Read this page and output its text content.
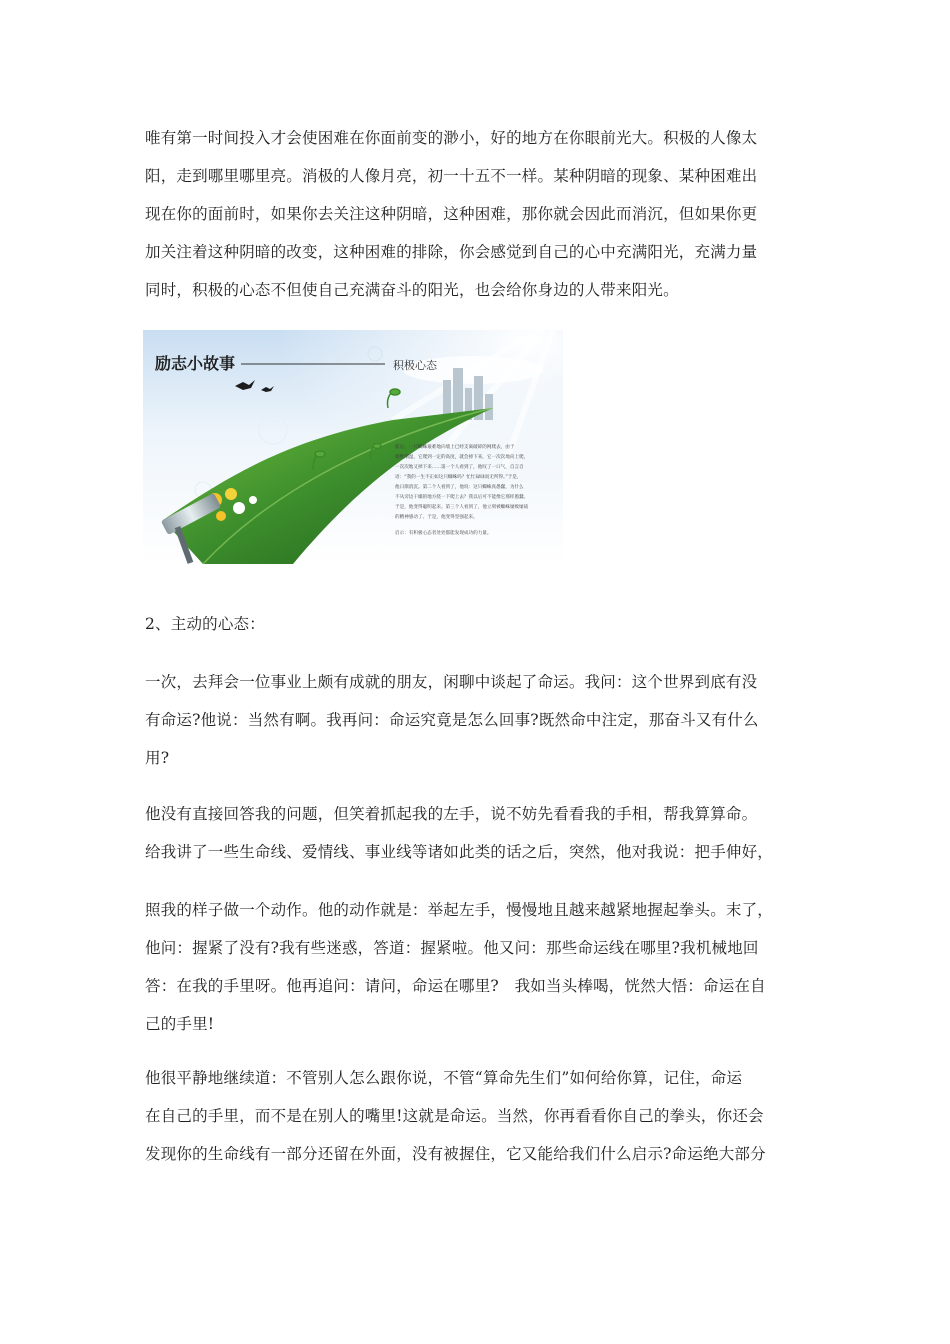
唯有第一时间投入才会使困难在你面前变的渺小，好的地方在你眼前光大。积极的人像太
阳，走到哪里哪里亮。消极的人像月亮，初一十五不一样。某种阴暗的现象、某种困难出
现在你的面前时，如果你去关注这种阴暗，这种困难，那你就会因此而消沉，但如果你更
加关注着这种阴暗的改变，这种困难的排除，你会感觉到自己的心中充满阳光，充满力量
同时，积极的心态不但使自己充满奋斗的阳光，也会给你身边的人带来阳光。
励志小故事	积极心态
前后。一只蜘蛛艰难地向墙上已经支离破碎的网爬去，由于
墙壁潮湿，它爬到一定的高度，就会掉下来，它一次次地向上爬，
一次次地又掉下来……第一个人看到了，他叹了一口气，自言自
语：“我的一生不正如这只蜘蛛吗？忙忙碌碌而无所得。”于是，
他日渐消沉。第二个人看到了，他说：这只蜘蛛真愚蠢，为什么
不从旁边干燥的地方绕一下爬上去？我以后可不能像它那样愚蠢。
于是，他变得聪明起来。第三个人看到了，他立刻被蜘蛛屡败屡战
的精神感动了。于是，他变得坚强起来。
启示：有积极心态者处处都能发现成功的力量。
2、主动的心态：
一次，去拜会一位事业上颇有成就的朋友，闲聊中谈起了命运。我问：这个世界到底有没
有命运?他说：当然有啊。我再问：命运究竟是怎么回事?既然命中注定，那奋斗又有什么
用?
他没有直接回答我的问题，但笑着抓起我的左手，说不妨先看看我的手相，帮我算算命。
给我讲了一些生命线、爱情线、事业线等诸如此类的话之后，突然，他对我说：把手伸好，
照我的样子做一个动作。他的动作就是：举起左手，慢慢地且越来越紧地握起拳头。末了，
他问：握紧了没有?我有些迷惑，答道：握紧啦。他又问：那些命运线在哪里?我机械地回
答：在我的手里呀。他再追问：请问，命运在哪里?　我如当头棒喝，恍然大悟：命运在自
己的手里!
他很平静地继续道：不管别人怎么跟你说，不管“算命先生们”如何给你算，记住，命运
在自己的手里，而不是在别人的嘴里!这就是命运。当然，你再看看你自己的拳头，你还会
发现你的生命线有一部分还留在外面，没有被握住，它又能给我们什么启示?命运绝大部分
